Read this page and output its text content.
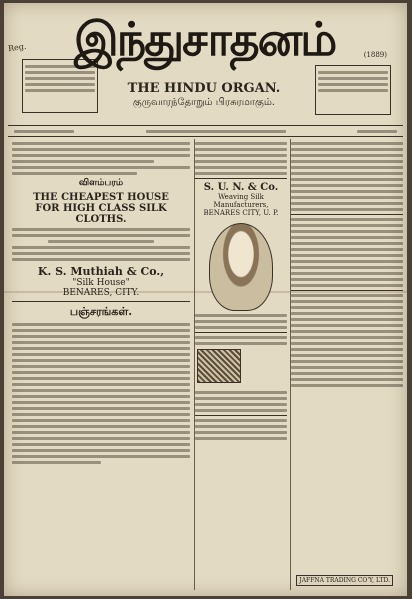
Reg.
(1889)
இந்துசாதனம்
THE HINDU ORGAN.
குருவாரந்தோறும் பிரசுரமாகும்.
விளம்பரம்
THE CHEAPEST HOUSE
FOR HIGH CLASS SILK CLOTHS.
K. S. Muthiah & Co.,
"Silk House"
BENARES, CITY.
பஞ்சரங்கள்.
S. U. N. & Co.
Weaving Silk Manufacturers,
BENARES CITY, U. P.
JAFFNA TRADING CO'Y, LTD.
